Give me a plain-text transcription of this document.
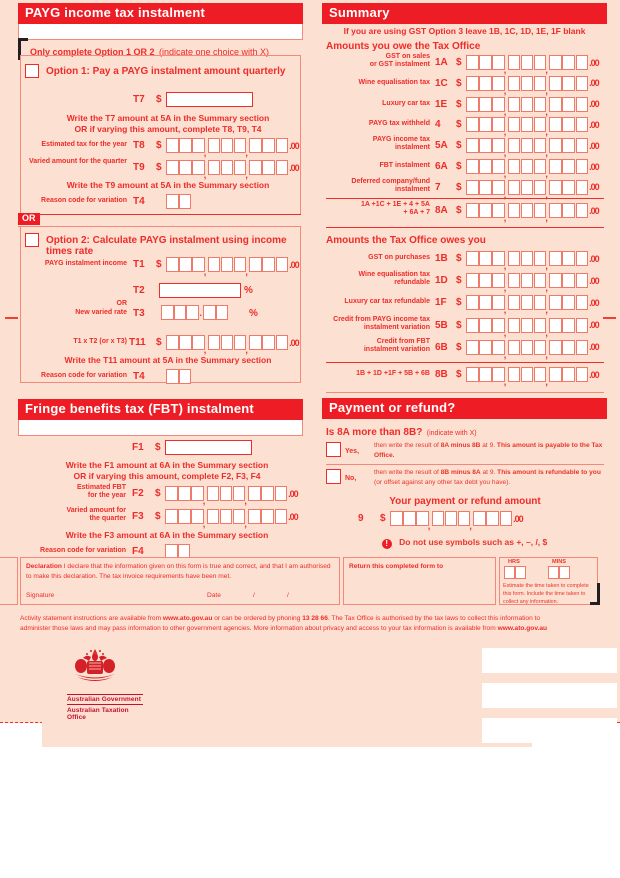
PAYG income tax instalment
Only complete Option 1 OR 2 (indicate one choice with X)
Option 1: Pay a PAYG instalment amount quarterly
T7 $
Write the T7 amount at 5A in the Summary section
OR if varying this amount, complete T8, T9, T4
Estimated tax for the year T8 $ , ,	.00
Varied amount for the quarter
T9 $ , ,	.00
Write the T9 amount at 5A in the Summary section
Reason code for variation T4
OR
Option 2: Calculate PAYG instalment using income times rate
PAYG instalment income T1 $ , ,	.00
T2	%
OR
New varied rate T3	.	%
T1 x T2 (or x T3) T11 $ , ,	.00
Write the T11 amount at 5A in the Summary section
Reason code for variation T4
Fringe benefits tax (FBT) instalment
F1 $
Write the F1 amount at 6A in the Summary section
OR if varying this amount, complete F2, F3, F4
Estimated FBT
for the year F2 $ , ,	.00
Varied amount for
the quarter F3 $ , ,	.00
Write the F3 amount at 6A in the Summary section
Reason code for variation F4
Summary
If you are using GST Option 3 leave 1B, 1C, 1D, 1E, 1F blank
Amounts you owe the Tax Office
GST on sales
or GST instalment 1A $ , ,	.00
Wine equalisation tax 1C $ , ,	.00
Luxury car tax 1E $ , ,	.00
PAYG tax withheld 4 $ , ,	.00
PAYG income tax
instalment 5A $ , ,	.00
FBT instalment 6A $ , ,	.00
Deferred company/fund
instalment 7 $ , ,	.00
1A +1C + 1E + 4 + 5A
+ 6A + 7 8A $ , ,	.00
Amounts the Tax Office owes you
GST on purchases 1B $ , ,	.00
Wine equalisation tax
refundable 1D $ , ,	.00
Luxury car tax refundable 1F $ , ,	.00
Credit from PAYG income tax
instalment variation 5B $ , ,	.00
Credit from FBT
instalment variation 6B $ , ,	.00
1B + 1D +1F + 5B + 6B 8B $ , ,	.00
Payment or refund?
Is 8A more than 8B? (indicate with X)
Yes,
then write the result of 8A minus 8B at 9. This amount is payable to the Tax Office.
No,
then write the result of 8B minus 8A at 9. This amount is refundable to you (or offset against any other tax debt you have).
Your payment or refund amount
9 $ , ,	.00
! Do not use symbols such as +, –, /, $
Declaration I declare that the information given on this form is true and correct, and that I am authorised to make this declaration. The tax invoice requirements have been met.
Signature	Date	/	/
Return this completed form to
HRS	MINS
Estimate the time taken to complete this form. Include the time taken to collect any information.
Activity statement instructions are available from www.ato.gov.au or can be ordered by phoning 13 28 66. The Tax Office is authorised by the tax laws to collect this information to
administer those laws and may pass information to other government agencies. More information about privacy and access to your tax information is available from www.ato.gov.au
Australian Government
Australian Taxation Office
